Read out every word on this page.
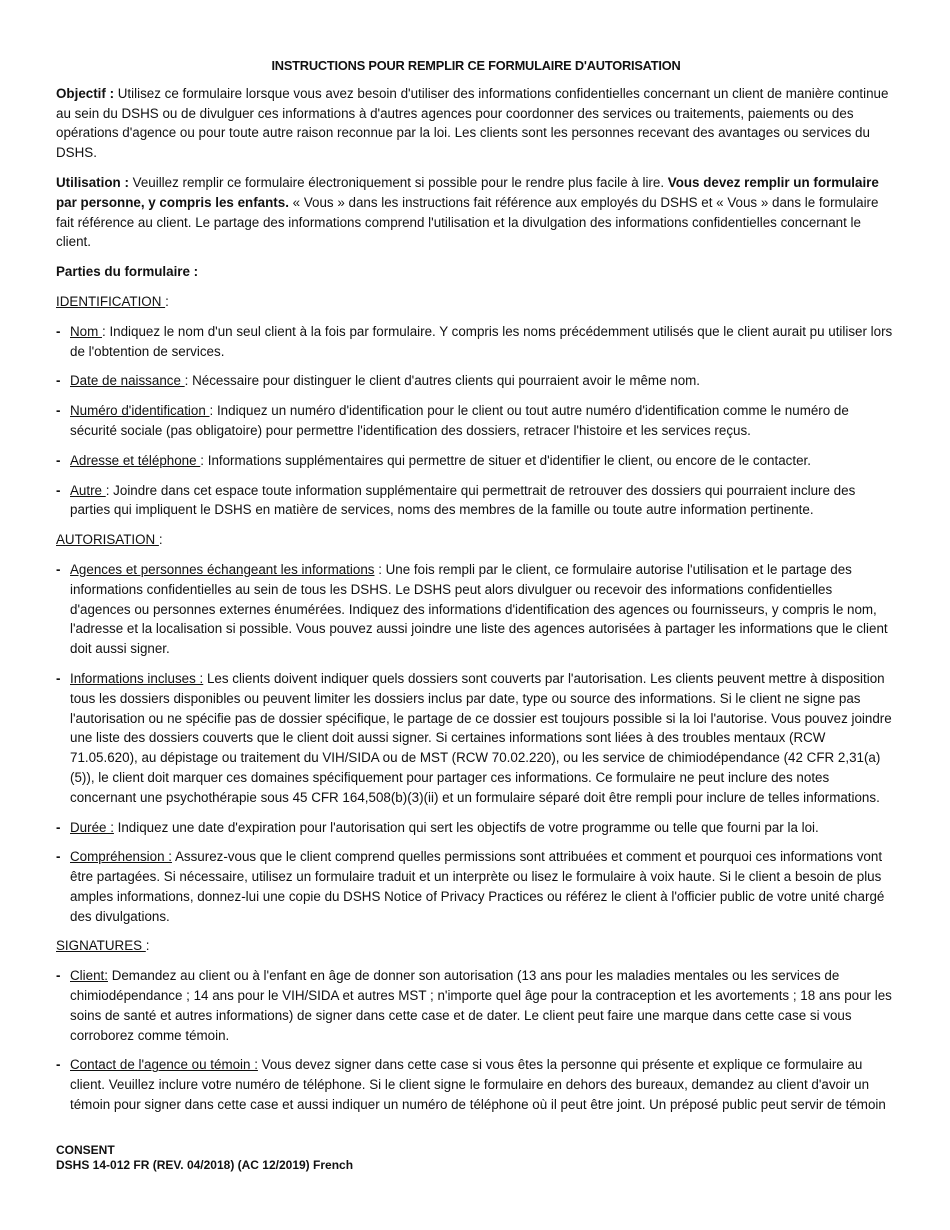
INSTRUCTIONS POUR REMPLIR CE FORMULAIRE D'AUTORISATION

Objectif : Utilisez ce formulaire lorsque vous avez besoin d'utiliser des informations confidentielles concernant un client de manière continue au sein du DSHS ou de divulguer ces informations à d'autres agences pour coordonner des services ou traitements, paiements ou des opérations d'agence ou pour toute autre raison reconnue par la loi. Les clients sont les personnes recevant des avantages ou services du DSHS.

Utilisation : Veuillez remplir ce formulaire électroniquement si possible pour le rendre plus facile à lire. Vous devez remplir un formulaire par personne, y compris les enfants. « Vous » dans les instructions fait référence aux employés du DSHS et « Vous » dans le formulaire fait référence au client. Le partage des informations comprend l'utilisation et la divulgation des informations confidentielles concernant le client.

Parties du formulaire :

IDENTIFICATION :
- Nom : Indiquez le nom d'un seul client à la fois par formulaire. Y compris les noms précédemment utilisés que le client aurait pu utiliser lors de l'obtention de services.
- Date de naissance : Nécessaire pour distinguer le client d'autres clients qui pourraient avoir le même nom.
- Numéro d'identification : Indiquez un numéro d'identification pour le client ou tout autre numéro d'identification comme le numéro de sécurité sociale (pas obligatoire) pour permettre l'identification des dossiers, retracer l'histoire et les services reçus.
- Adresse et téléphone : Informations supplémentaires qui permettre de situer et d'identifier le client, ou encore de le contacter.
- Autre : Joindre dans cet espace toute information supplémentaire qui permettrait de retrouver des dossiers qui pourraient inclure des parties qui impliquent le DSHS en matière de services, noms des membres de la famille ou toute autre information pertinente.
AUTORISATION :
- Agences et personnes échangeant les informations : Une fois rempli par le client, ce formulaire autorise l'utilisation et le partage des informations confidentielles au sein de tous les DSHS. Le DSHS peut alors divulguer ou recevoir des informations confidentielles d'agences ou personnes externes énumérées. Indiquez des informations d'identification des agences ou fournisseurs, y compris le nom, l'adresse et la localisation si possible. Vous pouvez aussi joindre une liste des agences autorisées à partager les informations que le client doit aussi signer.
- Informations incluses : Les clients doivent indiquer quels dossiers sont couverts par l'autorisation. Les clients peuvent mettre à disposition tous les dossiers disponibles ou peuvent limiter les dossiers inclus par date, type ou source des informations. Si le client ne signe pas l'autorisation ou ne spécifie pas de dossier spécifique, le partage de ce dossier est toujours possible si la loi l'autorise. Vous pouvez joindre une liste des dossiers couverts que le client doit aussi signer. Si certaines informations sont liées à des troubles mentaux (RCW 71.05.620), au dépistage ou traitement du VIH/SIDA ou de MST (RCW 70.02.220), ou les service de chimiodépendance (42 CFR 2,31(a)(5)), le client doit marquer ces domaines spécifiquement pour partager ces informations. Ce formulaire ne peut inclure des notes concernant une psychothérapie sous 45 CFR 164,508(b)(3)(ii) et un formulaire séparé doit être rempli pour inclure de telles informations.
- Durée : Indiquez une date d'expiration pour l'autorisation qui sert les objectifs de votre programme ou telle que fourni par la loi.
- Compréhension : Assurez-vous que le client comprend quelles permissions sont attribuées et comment et pourquoi ces informations vont être partagées. Si nécessaire, utilisez un formulaire traduit et un interprète ou lisez le formulaire à voix haute. Si le client a besoin de plus amples informations, donnez-lui une copie du DSHS Notice of Privacy Practices ou référez le client à l'officier public de votre unité chargé des divulgations.
SIGNATURES :
- Client: Demandez au client ou à l'enfant en âge de donner son autorisation (13 ans pour les maladies mentales ou les services de chimiodépendance ; 14 ans pour le VIH/SIDA et autres MST ; n'importe quel âge pour la contraception et les avortements ; 18 ans pour les soins de santé et autres informations) de signer dans cette case et de dater. Le client peut faire une marque dans cette case si vous corroborez comme témoin.
- Contact de l'agence ou témoin : Vous devez signer dans cette case si vous êtes la personne qui présente et explique ce formulaire au client. Veuillez inclure votre numéro de téléphone. Si le client signe le formulaire en dehors des bureaux, demandez au client d'avoir un témoin pour signer dans cette case et aussi indiquer un numéro de téléphone où il peut être joint. Un préposé public peut servir de témoin
CONSENT
DSHS 14-012 FR (REV. 04/2018) (AC 12/2019) French
